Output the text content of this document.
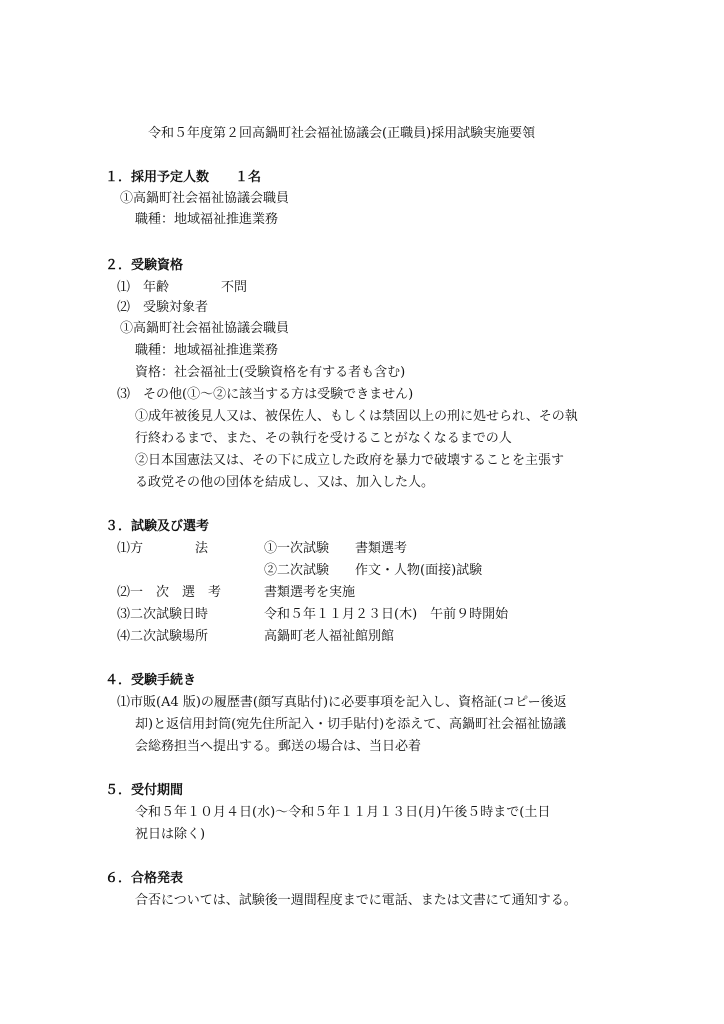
令和５年度第２回高鍋町社会福祉協議会(正職員)採用試験実施要領
１．採用予定人数　　１名
①高鍋町社会福祉協議会職員
職種：地域福祉推進業務
２．受験資格
⑴　年齢　　　　不問
⑵　受験対象者
①高鍋町社会福祉協議会職員
職種：地域福祉推進業務
資格：社会福祉士(受験資格を有する者も含む)
⑶　その他(①～②に該当する方は受験できません)
①成年被後見人又は、被保佐人、もしくは禁固以上の刑に処せられ、その執
行終わるまで、また、その執行を受けることがなくなるまでの人
②日本国憲法又は、その下に成立した政府を暴力で破壊することを主張す
る政党その他の団体を結成し、又は、加入した人。
３．試験及び選考
⑴方　　　　法	①一次試験　　書類選考
②二次試験　　作文・人物(面接)試験
⑵一　次　選　考	書類選考を実施
⑶二次試験日時	令和５年１１月２３日(木)　午前９時開始
⑷二次試験場所	高鍋町老人福祉館別館
４．受験手続き
⑴市販(A4 版)の履歴書(顔写真貼付)に必要事項を記入し、資格証(コピー後返
却)と返信用封筒(宛先住所記入・切手貼付)を添えて、高鍋町社会福祉協議
会総務担当へ提出する。郵送の場合は、当日必着
５．受付期間
令和５年１０月４日(水)～令和５年１１月１３日(月)午後５時まで(土日
祝日は除く)
６．合格発表
合否については、試験後一週間程度までに電話、または文書にて通知する。
